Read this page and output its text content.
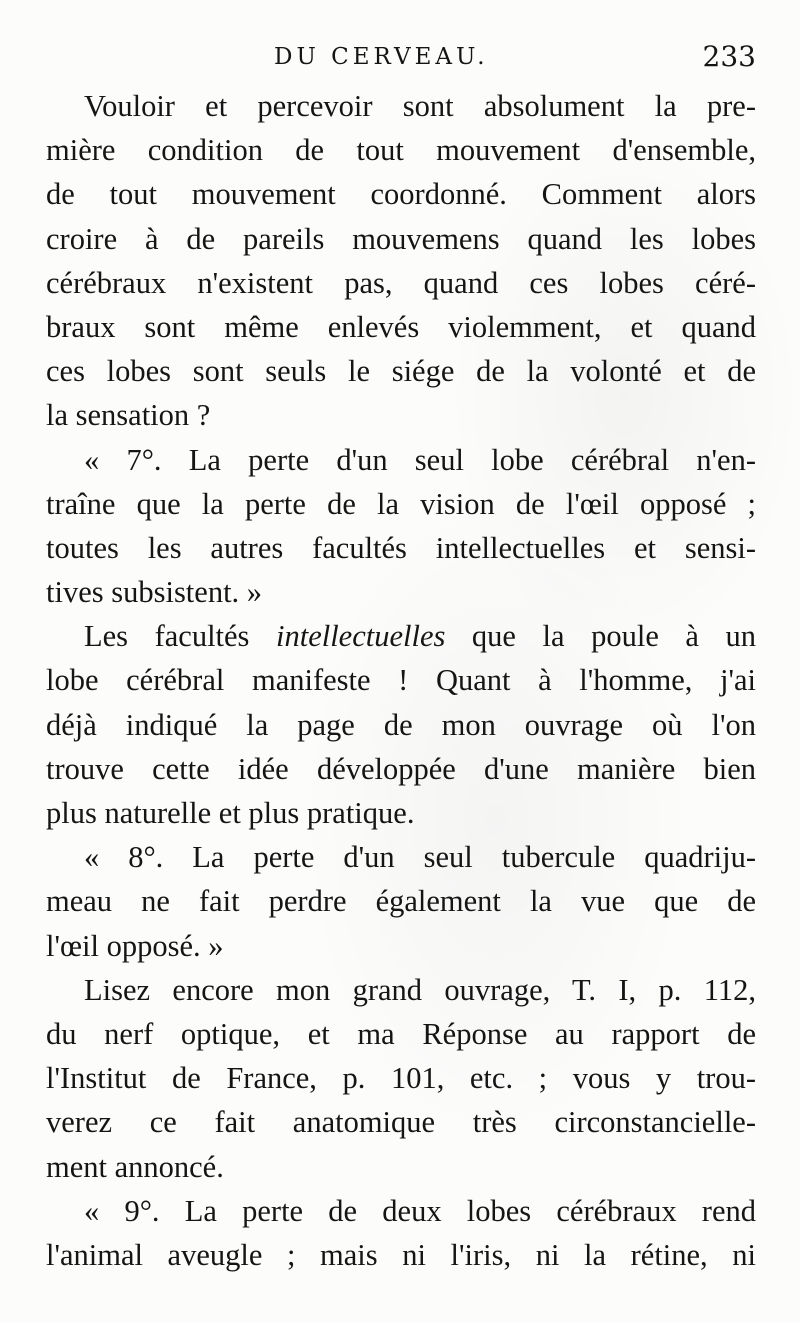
DU CERVEAU.	233
Vouloir et percevoir sont absolument la pre-
mière condition de tout mouvement d'ensemble,
de tout mouvement coordonné. Comment alors
croire à de pareils mouvemens quand les lobes
cérébraux n'existent pas, quand ces lobes céré-
braux sont même enlevés violemment, et quand
ces lobes sont seuls le siége de la volonté et de
la sensation ?
« 7°. La perte d'un seul lobe cérébral n'en-
traîne que la perte de la vision de l'œil opposé ;
toutes les autres facultés intellectuelles et sensi-
tives subsistent. »
Les facultés intellectuelles que la poule à un
lobe cérébral manifeste ! Quant à l'homme, j'ai
déjà indiqué la page de mon ouvrage où l'on
trouve cette idée développée d'une manière bien
plus naturelle et plus pratique.
« 8°. La perte d'un seul tubercule quadriju-
meau ne fait perdre également la vue que de
l'œil opposé. »
Lisez encore mon grand ouvrage, T. I, p. 112,
du nerf optique, et ma Réponse au rapport de
l'Institut de France, p. 101, etc. ; vous y trou-
verez ce fait anatomique très circonstancielle-
ment annoncé.
« 9°. La perte de deux lobes cérébraux rend
l'animal aveugle ; mais ni l'iris, ni la rétine, ni
